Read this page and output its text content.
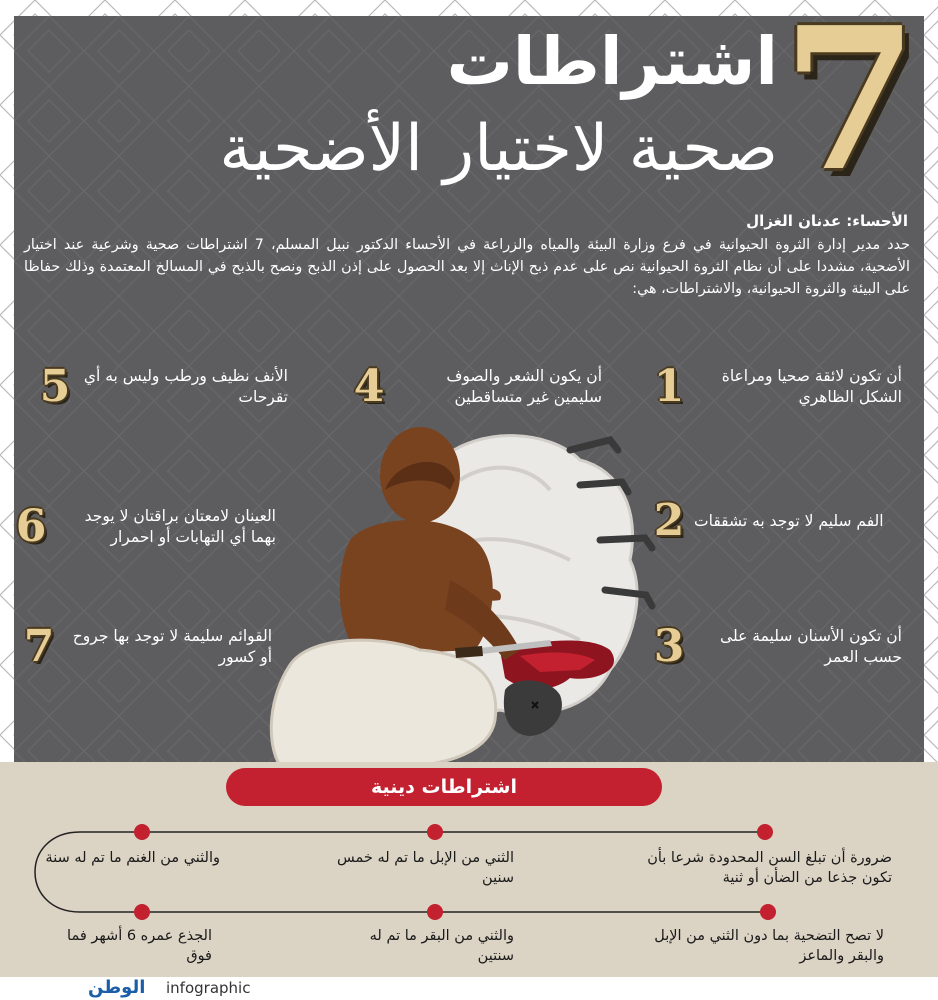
7
اشتراطات
صحية لاختيار الأضحية
الأحساء: عدنان الغزال
حدد مدير إدارة الثروة الحيوانية في فرع وزارة البيئة والمياه والزراعة في الأحساء الدكتور نبيل المسلم، 7 اشتراطات صحية وشرعية عند اختيار الأضحية، مشددا على أن نظام الثروة الحيوانية نص على عدم ذبح الإناث إلا بعد الحصول على إذن الذبح ونصح بالذبح في المسالخ المعتمدة وذلك حفاظا على البيئة والثروة الحيوانية، والاشتراطات، هي:
1	أن تكون لائقة صحيا ومراعاة الشكل الظاهري
2 الفم سليم لا توجد به تشققات
3	أن تكون الأسنان سليمة على حسب العمر
4	أن يكون الشعر والصوف سليمين غير متساقطين
5 الأنف نظيف ورطب وليس به أي تقرحات
6	العينان لامعتان براقتان لا يوجد بهما أي التهابات أو احمرار
7	القوائم سليمة لا توجد بها جروح أو كسور
اشتراطات دينية
ضرورة أن تبلغ السن المحدودة شرعا بأن تكون جذعا من الضأن أو ثنية
الثني من الإبل ما تم له خمس سنين
والثني من الغنم ما تم له سنة
لا تصح التضحية بما دون الثني من الإبل والبقر والماعز
والثني من البقر ما تم له سنتين
الجذع عمره 6 أشهر فما فوق
الوطن infographic
